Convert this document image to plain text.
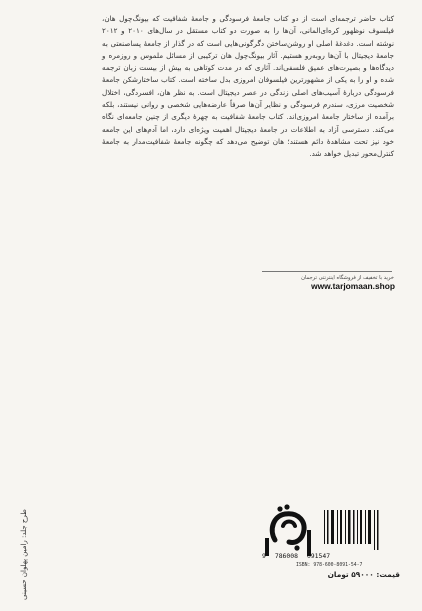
کتاب حاضر ترجمه‌ای است از دو کتاب جامعهٔ فرسودگی و جامعهٔ شفافیت که بیونگ‌چول هان، فیلسوف نوظهور کره‌ای‌المانی، آن‌ها را به صورت دو کتاب مستقل در سال‌های ۲۰۱۰ و ۲۰۱۲ نوشته است. دغدغهٔ اصلی او روشن‌ساختن دگرگونی‌هایی است که در گذار از جامعهٔ پساصنعتی به جامعهٔ دیجیتال با آن‌ها روبه‌رو هستیم. آثار بیونگ‌چول هان ترکیبی از مسائل ملموس و روزمره و دیدگاه‌ها و بصیرت‌های عمیق فلسفی‌اند. آثاری که در مدت کوتاهی به بیش از بیست زبان ترجمه شده و او را به یکی از مشهورترین فیلسوفان امروزی بدل ساخته است. کتاب ساختارشکن جامعهٔ فرسودگی دربارهٔ آسیب‌های اصلی زندگی در عصر دیجیتال است. به نظر هان، افسردگی، اختلال شخصیت مرزی، سندرم فرسودگی و نظایر آن‌ها صرفاً عارضه‌هایی شخصی و روانی نیستند، بلکه برآمده از ساختار جامعهٔ امروزی‌اند. کتاب جامعهٔ شفافیت به چهرهٔ دیگری از چنین جامعه‌ای نگاه می‌کند. دسترسی آزاد به اطلاعات در جامعهٔ دیجیتال اهمیت ویژه‌ای دارد، اما آدم‌های این جامعه خود نیز تحت مشاهدهٔ دائم هستند؛ هان توضیح می‌دهد که چگونه جامعهٔ شفافیت‌مدار به جامعهٔ کنترل‌محور تبدیل خواهد شد.

خرید با تخفیف از فروشگاه اینترنتی ترجمان
www.tarjomaan.shop
طرح جلد: رامین پهلوان حسینی	9 786008 091547
ISBN: 978-600-8091-54-7
قیمت: ۵۹۰۰۰ تومان
